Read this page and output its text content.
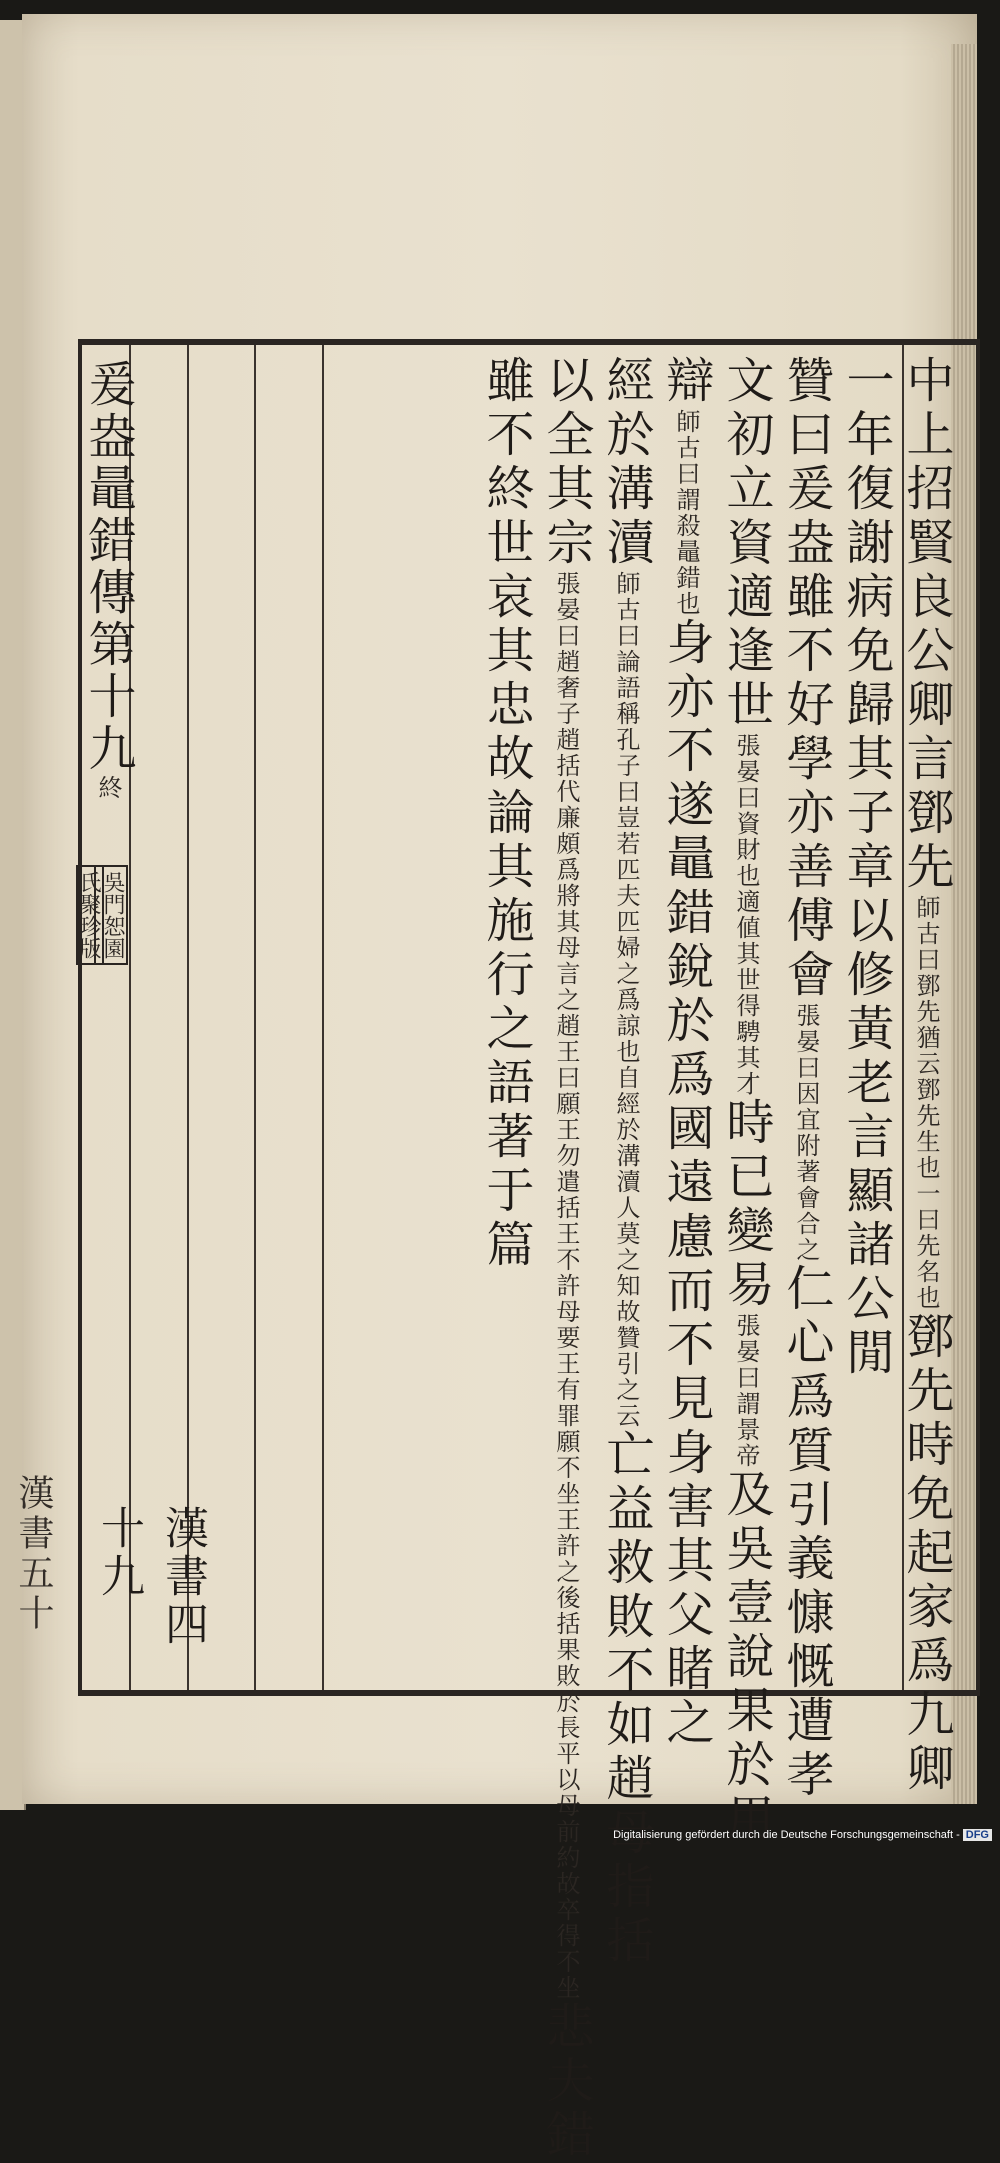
中上招賢良公卿言鄧先師古曰鄧先猶云鄧先生也一曰先名也鄧先時免起家爲九卿
一年復謝病免歸其子章以修黃老言顯諸公閒
贊曰爰盎雖不好學亦善傅會張晏曰因宜附著會合之仁心爲質引義慷慨遭孝
文初立資適逢世張晏曰資財也適値其世得騁其才時已變易張晏曰謂景帝及吳壹說果於用
辯師古曰謂殺鼂錯也身亦不遂鼂錯銳於爲國遠慮而不見身害其父睹之
經於溝瀆師古曰論語稱孔子曰豈若匹夫匹婦之爲諒也自經於溝瀆人莫之知故贊引之云亡益救敗不如趙母指括
以全其宗張晏曰趙奢子趙括代廉頗爲將其母言之趙王曰願王勿遣括王不許母要王有罪願不坐王許之後括果敗於長平以母前約故卒得不坐悲夫錯
雖不終世哀其忠故論其施行之語著于篇
爰盎鼂錯傳第十九終
吳門恕園
氏聚珍版
漢書四十九
漢書五十
Digitalisierung gefördert durch die Deutsche Forschungsgemeinschaft - DFG
